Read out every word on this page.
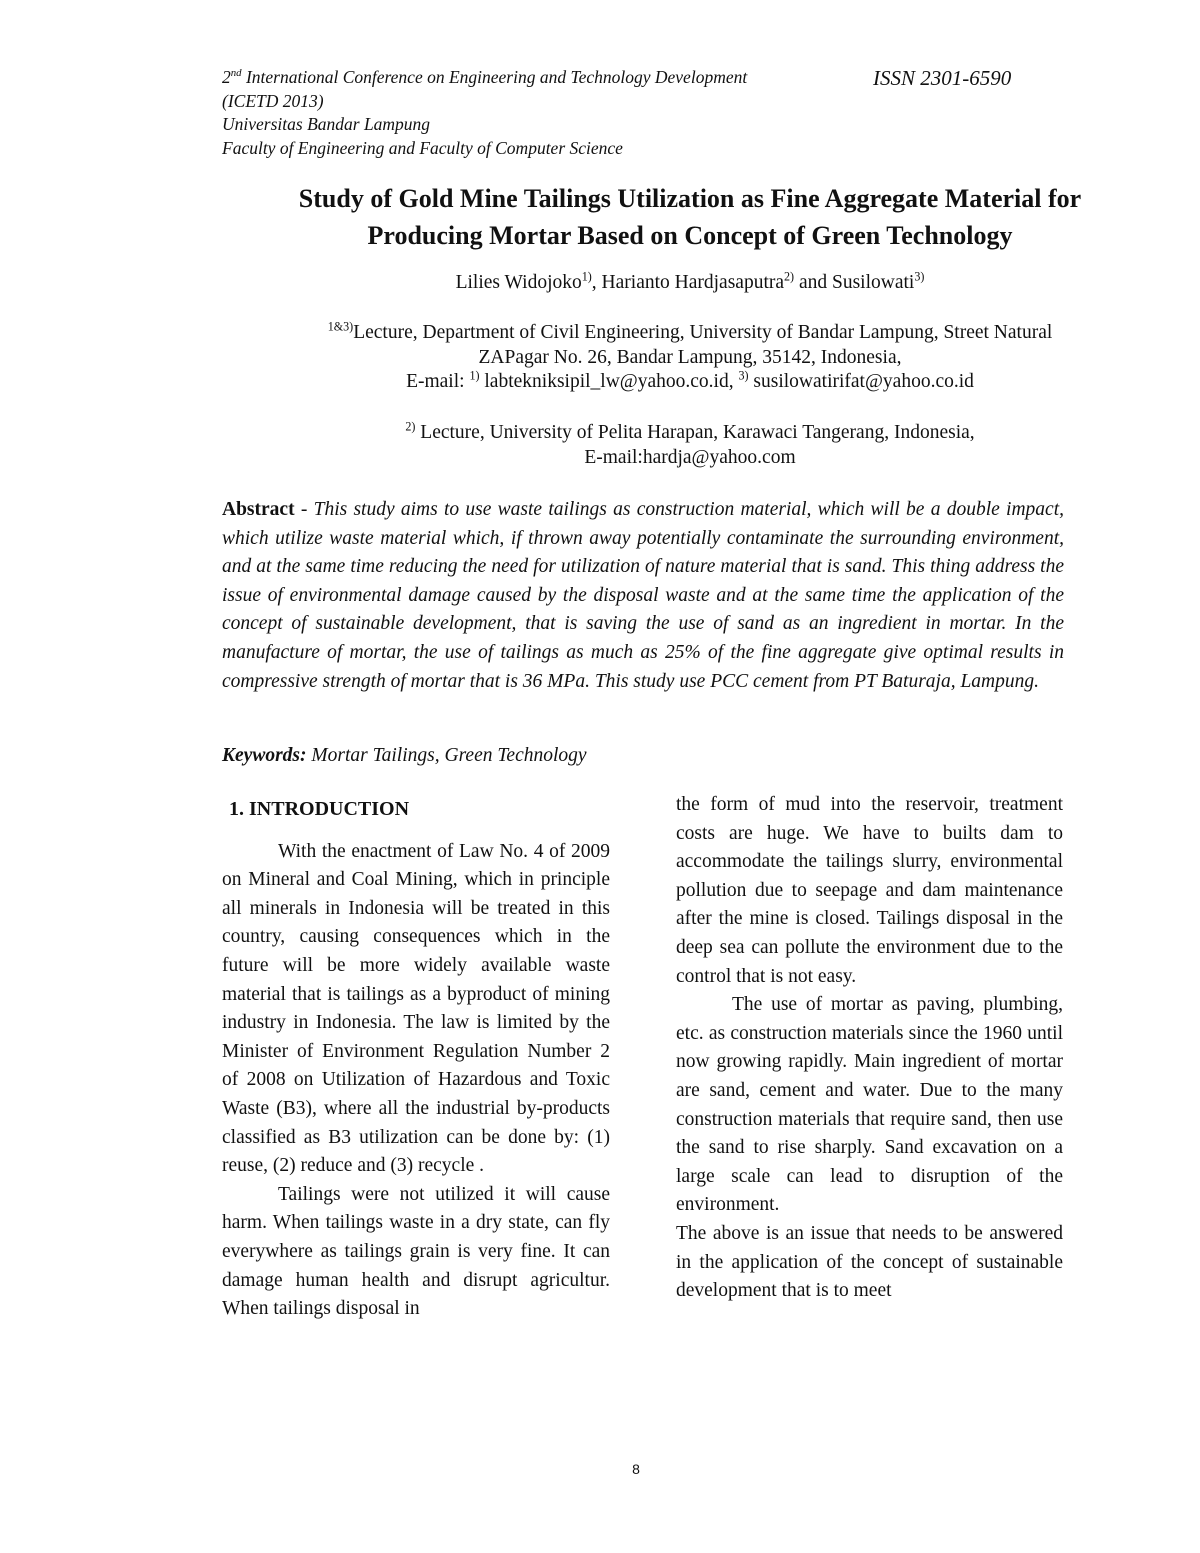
2nd International Conference on Engineering and Technology Development
(ICETD 2013)
Universitas Bandar Lampung
Faculty of Engineering and Faculty of Computer Science
ISSN 2301-6590
Study of Gold Mine Tailings Utilization as Fine Aggregate Material for
Producing Mortar Based on Concept of Green Technology
Lilies Widojoko$^{1)}$, Harianto Hardjasaputra$^{2)}$ and Susilowati$^{3)}$
$^{1\&3)}$Lecture, Department of Civil Engineering, University of Bandar Lampung, Street Natural
ZAPagar No. 26, Bandar Lampung, 35142, Indonesia,
E-mail: $^{1)}$ labtekniksipil_lw@yahoo.co.id, $^{3)}$ susilowatirifat@yahoo.co.id
$^{2)}$ Lecture, University of Pelita Harapan, Karawaci Tangerang, Indonesia,
E-mail:hardja@yahoo.com
Abstract - This study aims to use waste tailings as construction material, which will be a double impact, which utilize waste material which, if thrown away potentially contaminate the surrounding environment, and at the same time reducing the need for utilization of nature material that is sand. This thing address the issue of environmental damage caused by the disposal waste and at the same time the application of the concept of sustainable development, that is saving the use of sand as an ingredient in mortar. In the manufacture of mortar, the use of tailings as much as 25% of the fine aggregate give optimal results in compressive strength of mortar that is 36 MPa. This study use PCC cement from PT Baturaja, Lampung.
Keywords: Mortar Tailings, Green Technology
1. INTRODUCTION

With the enactment of Law No. 4 of 2009 on Mineral and Coal Mining, which in principle all minerals in Indonesia will be treated in this country, causing consequences which in the future will be more widely available waste material that is tailings as a byproduct of mining industry in Indonesia. The law is limited by the Minister of Environment Regulation Number 2 of 2008 on Utilization of Hazardous and Toxic Waste (B3), where all the industrial by-products classified as B3 utilization can be done by: (1) reuse, (2) reduce and (3) recycle .

Tailings were not utilized it will cause harm. When tailings waste in a dry state, can fly everywhere as tailings grain is very fine. It can damage human health and disrupt agricultur. When tailings disposal in

the form of mud into the reservoir, treatment costs are huge. We have to builts dam to accommodate the tailings slurry, environmental pollution due to seepage and dam maintenance after the mine is closed. Tailings disposal in the deep sea can pollute the environment due to the control that is not easy.

The use of mortar as paving, plumbing, etc. as construction materials since the 1960 until now growing rapidly. Main ingredient of mortar are sand, cement and water. Due to the many construction materials that require sand, then use the sand to rise sharply. Sand excavation on a large scale can lead to disruption of the environment.

The above is an issue that needs to be answered in the application of the concept of sustainable development that is to meet

8
